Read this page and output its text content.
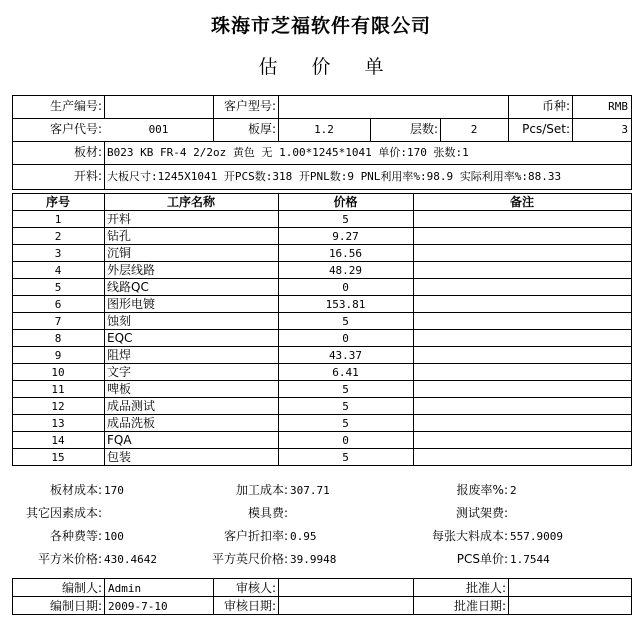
珠海市芝福软件有限公司
估 价 单
生产编号:	客户型号:	币种:	RMB
客户代号:	001	板厚:	1.2	层数:	2	Pcs/Set:	3
板材: B023 KB FR-4 2/2oz 黄色 无 1.00*1245*1041 单价:170 张数:1
开料: 大板尺寸:1245X1041 开PCS数:318 开PNL数:9 PNL利用率%:98.9 实际利用率%:88.33
序号	工序名称	价格	备注
1	开料	5
2	钻孔	9.27
3	沉铜	16.56
4	外层线路	48.29
5	线路QC	0
6	图形电镀	153.81
7	蚀刻	5
8	EQC	0
9	阻焊	43.37
10	文字	6.41
11	啤板	5
12	成品测试	5
13	成品洗板	5
14	FQA	0
15	包装	5
板材成本: 170	加工成本: 307.71	报废率%: 2
其它因素成本:	模具费:	测试架费:
各种费等: 100	客户折扣率: 0.95	每张大料成本: 557.9009
平方米价格: 430.4642	平方英尺价格: 39.9948	PCS单价: 1.7544
编制人: Admin	审核人:	批准人:
编制日期: 2009-7-10	审核日期:	批准日期:
